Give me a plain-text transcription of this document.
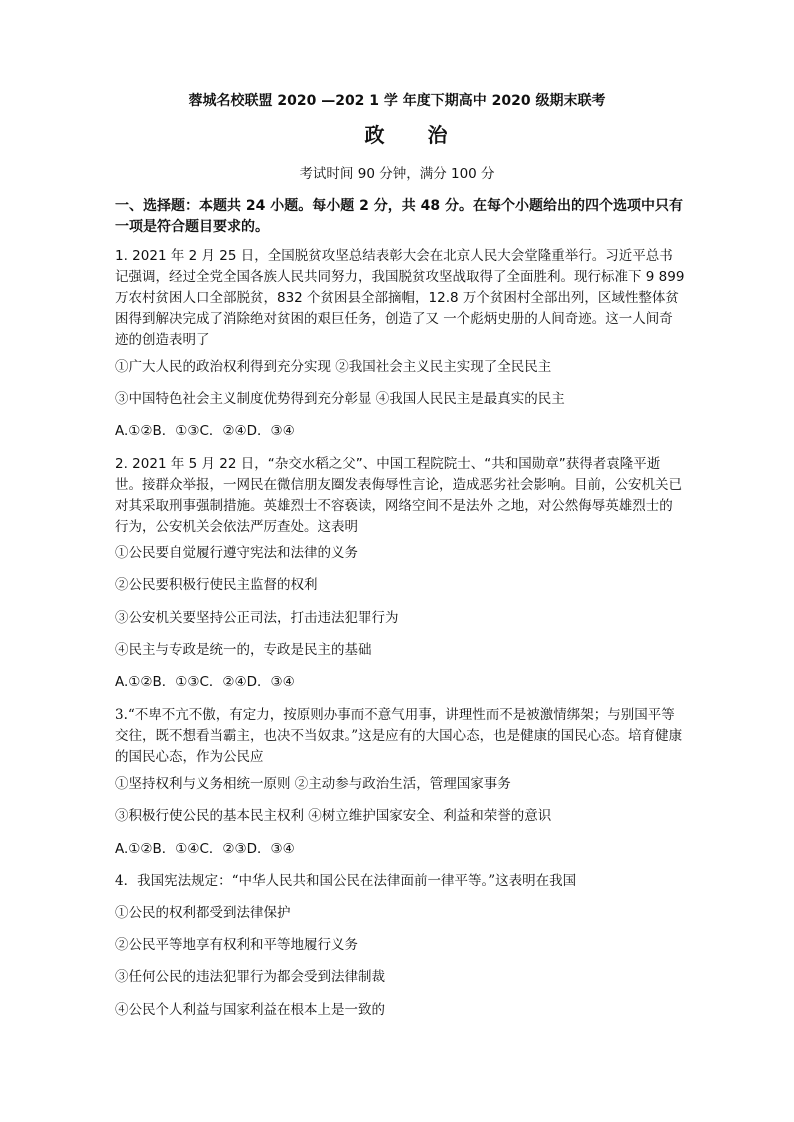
蓉城名校联盟 2020 —202 1 学 年度下期高中 2020 级期末联考
政 治
考试时间 90 分钟，满分 100 分
一、选择题：本题共 24 小题。每小题 2 分，共 48 分。在每个小题给出的四个选项中只有一项是符合题目要求的。
1. 2021 年 2 月 25 日，全国脱贫攻坚总结表彰大会在北京人民大会堂隆重举行。习近平总书记强调，经过全党全国各族人民共同努力，我国脱贫攻坚战取得了全面胜利。现行标准下 9 899 万农村贫困人口全部脱贫，832 个贫困县全部摘帽，12.8 万个贫困村全部出列，区域性整体贫困得到解决完成了消除绝对贫困的艰巨任务，创造了又 一个彪炳史册的人间奇迹。这一人间奇迹的创造表明了
①广大人民的政治权利得到充分实现 ②我国社会主义民主实现了全民民主
③中国特色社会主义制度优势得到充分彰显 ④我国人民民主是最真实的民主
A.①②B．①③C．②④D．③④
2. 2021 年 5 月 22 日，“杂交水稻之父”、中国工程院院士、“共和国勋章”获得者袁隆平逝世。接群众举报，一网民在微信朋友圈发表侮辱性言论，造成恶劣社会影响。目前，公安机关已对其采取刑事强制措施。英雄烈士不容亵读，网络空间不是法外 之地，对公然侮辱英雄烈士的行为，公安机关会依法严厉查处。这表明
①公民要自觉履行遵守宪法和法律的义务
②公民要积极行使民主监督的权利
③公安机关要坚持公正司法，打击违法犯罪行为
④民主与专政是统一的，专政是民主的基础
A.①②B．①③C．②④D．③④
3.“不卑不亢不傲，有定力，按原则办事而不意气用事，讲理性而不是被激情绑架；与别国平等交往，既不想看当霸主，也决不当奴隶。”这是应有的大国心态，也是健康的国民心态。培育健康的国民心态，作为公民应
①坚持权利与义务相统一原则 ②主动参与政治生活，管理国家事务
③积极行使公民的基本民主权利 ④树立维护国家安全、利益和荣誉的意识
A.①②B．①④C．②③D．③④
4．我国宪法规定：“中华人民共和国公民在法律面前一律平等。”这表明在我国
①公民的权利都受到法律保护
②公民平等地享有权利和平等地履行义务
③任何公民的违法犯罪行为都会受到法律制裁
④公民个人利益与国家利益在根本上是一致的
